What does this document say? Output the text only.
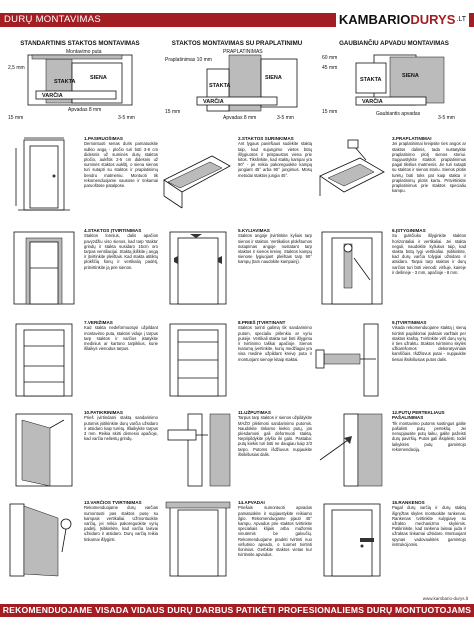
DURŲ MONTAVIMAS	KAMBARIO DURYS .LT
STANDARTINIS STAKTOS MONTAVIMAS
STAKTA
SIENA
VARČIA
Montavimo puta
Apvadas 8 mm
2,5 mm
15 mm	3-5 mm
STAKTOS MONTAVIMAS SU PRAPLATINIMU
STAKTA
SIENA
VARČIA
PRAPLATINIMAS
Apvadas 8 mm
15 mm
3-5 mm
Praplatinimas 10 mm
GAUBIANČIU APVADU MONTAVIMAS
STAKTA
SIENA
VARČIA
Gaubiantis apvadas
60 mm
45 mm
15 mm
3-5 mm
1.PASIRUOŠIMAS
Demontuoti senas duris pamatuokite sulkio angą - pločio turi būti 3-8 cm didesnis už suminės durų staktos pločio, aukštis 2-5 cm didesnis už suminės staktos aukštį, o siena sienos turi sutapti su staktos ir praplatinimų bendru matmeniu. Montuoti tik rekomenduojame sausose ir tinkamai paruoštose patalpose.
2.STAKTOS SURINKIMAS
Ant lygaus paviršiaus sudėkite staktą taip, kad sujungimo vietos būtų išlygiuotos ir prispaustos viena prie kitos. Tikslinkite, kad staktų kampai yra 90° - jei reikia pakoreguokite kampą jungiant 45° arba 90° jungimus. Mūsų metodai staktos jungia 45°.
3.PRAPLATINIMAI
Jei praplatinimai kreipsite ties angos ar staktos dalimis, tada nustatykite praplatinimo plotį sienos storiui. Supjaustykite staktos praplatinimus pagal tikslius matmenis. Jie turi sutapti su staktos ir sienos storiu. Sienos plotis turėtų būti toks pat kaip stakta ir praplatinimų plotis kartu. Pritvirtinkite praplatinimus prie staktos specialiu kampu.
4.STAKTOS ĮTVIRTINIMAS
Staktos lonnius, dalis apačios pavyzdžiu viso sienos, kad tarp 'stakta' grindų ir stakta susidaro 15cm oro tarpas ventiliacijai. Staktą įkiškite į angą ir įtvirtinkite pleištais. Kad stakta atitiktų plokščią šonų ir vertikalią padėtį, pritvirtinkite ją prie sienos.
5.KYLIAVIMAS
Staktos angoje įtvirtinkite kyliais tarp sienos ir staktos. Vertikalios plokštumos sutapimas angoje nustatant tarp staktos ir sienos kreivę. Staktos kampų sienose lygiuojant pleištais tarp 90° kampų (tam naudokite kampainį).
6.ĮSTYGINIMAS
Su gulsčiuku išlyginkite staktos horizontaliai ir vertikaliai. Jei stakta neguli, naudokite kyliukus taip, kad stakta būtų lygi vertikaliai. Įsitikinkite, kad durų varčia tolygiai užsidaro ir atsidaro. Tarpai tarp staktos ir durų varčios turi būti vienodi: viršuje, kairėje ir dešinėje - 3 mm, apačioje - 8 mm.
7.VERIŽIMAS
Kad stakta nedeformuotųsi užpildant montavimo puta, staktos viduje į tarpus tarp staktos ir varčios įstatykite medinius ar kartono tarpiklius, kurie išlaikys vienodus tarpus.
8.PRIEŠ ĮTVIRTINANT
Staktos turinti galimą tik sandarinimo putom, specialiu prilenkiu ar vyriu pusėje. Vertikali stakta turi būti išlyginta ir tvirtinimo taškai apačioje. Sienos tvarumą įvertinkite, kurių medžiagai yra visa medinė užpildant kreivę puta ir montuojant sienoje kitaip staktai.
9.ĮTVIRTINIMAS
Visada rekomenduojame staktą į sieną tvirtinti papildomai įsuktais varžtais per staktos kraštą. Tvirtinkite virš durų vyrių ir ties užraktu. Staktos tvirtinimo skylės užkamšomos dekoratyviniais kamščiais. Išdžiūvus putai - nupjaukite tiesiai išsikišusias putos dalis.
10.PATIKRINIMAS
Prieš įvirtindami staktą sandarinimo putomis įsitikinkite durų varčia užsidaro ir atsidaro kaip turėtų. Išlaikykite tarpus 3 mm. Reikia skirti dėmesio apačioje, kad varčia neliestų grindų.
11.UŽPUTIMAS
Tarpus tarp staktos ir sienos užpildykite MAŽO plėtimosi sandarinimo putomis. Naudokite tinkamo kiekio putų, jos plėsdamosi gali deformuoti staktą. Nepripildykite plyšio iki galo. Pastaba: putų kiekis turi būti ne daugiau kaip 2/3 tarpo. Putoms išdžiuvus nupjaukite išsikišusias dalis.
12.PUTŲ PERTEKLIAUS PAŠALINIMAS
Tik montavimo putoms sustingus galite pašalinti putų perteklių. Jei nenupjausite putų laiku, galite pažeisti durų paviršių. Putos gali išsiplėsti, todėl laikykitės putų gamintojo rekomendacijų.
13.VARČIOS TVIRTINIMAS
Rekomenduojame durų varčias sumontuoti pas staktos pusę su kampais vertikaliai. Užmontuokite varčią, jei reikia pakoreguokite vyrių padėtį. Įsitikinkite, kad varčia laisvai užsidaro ir atsidaro. Durų varčią reikia tinkamai išlyginti.
14.APVADAI
Priešais sumontuoti apvadus pamatuokite ir supjaustykite reikiamo ilgio. Rekomenduojame pjauti 45° kampu. Apvadus prie staktos tvirtinkite specialiais klijais arba mažomis vinutėmis be galvučių. Rekomenduojame pradėti tvirtinti nuo viršutinio apvado, o tuomet tvirtinti šoninius. Gerbkite staktos vietas kur tvirtinsite apvadus.
15.RANKENOS
Pagal durų varčią ir durų staktų išgręžtas skyles montuokite rankenas. Rankenas tvirtinkite sulygiavę su užrakto mechanizmo skylėmis. Patikrinkite, kad rankena laisvai juda ir užraktas tinkamai užsidaro. Montuojant spynas vadovaukitės gamintojo instrukcijomis.
www.kambario-durys.lt
REKOMENDUOJAME VISADA VIDAUS DURŲ DARBUS PATIKĖTI PROFESIONALIEMS DURŲ MONTUOTOJAMS !!!
